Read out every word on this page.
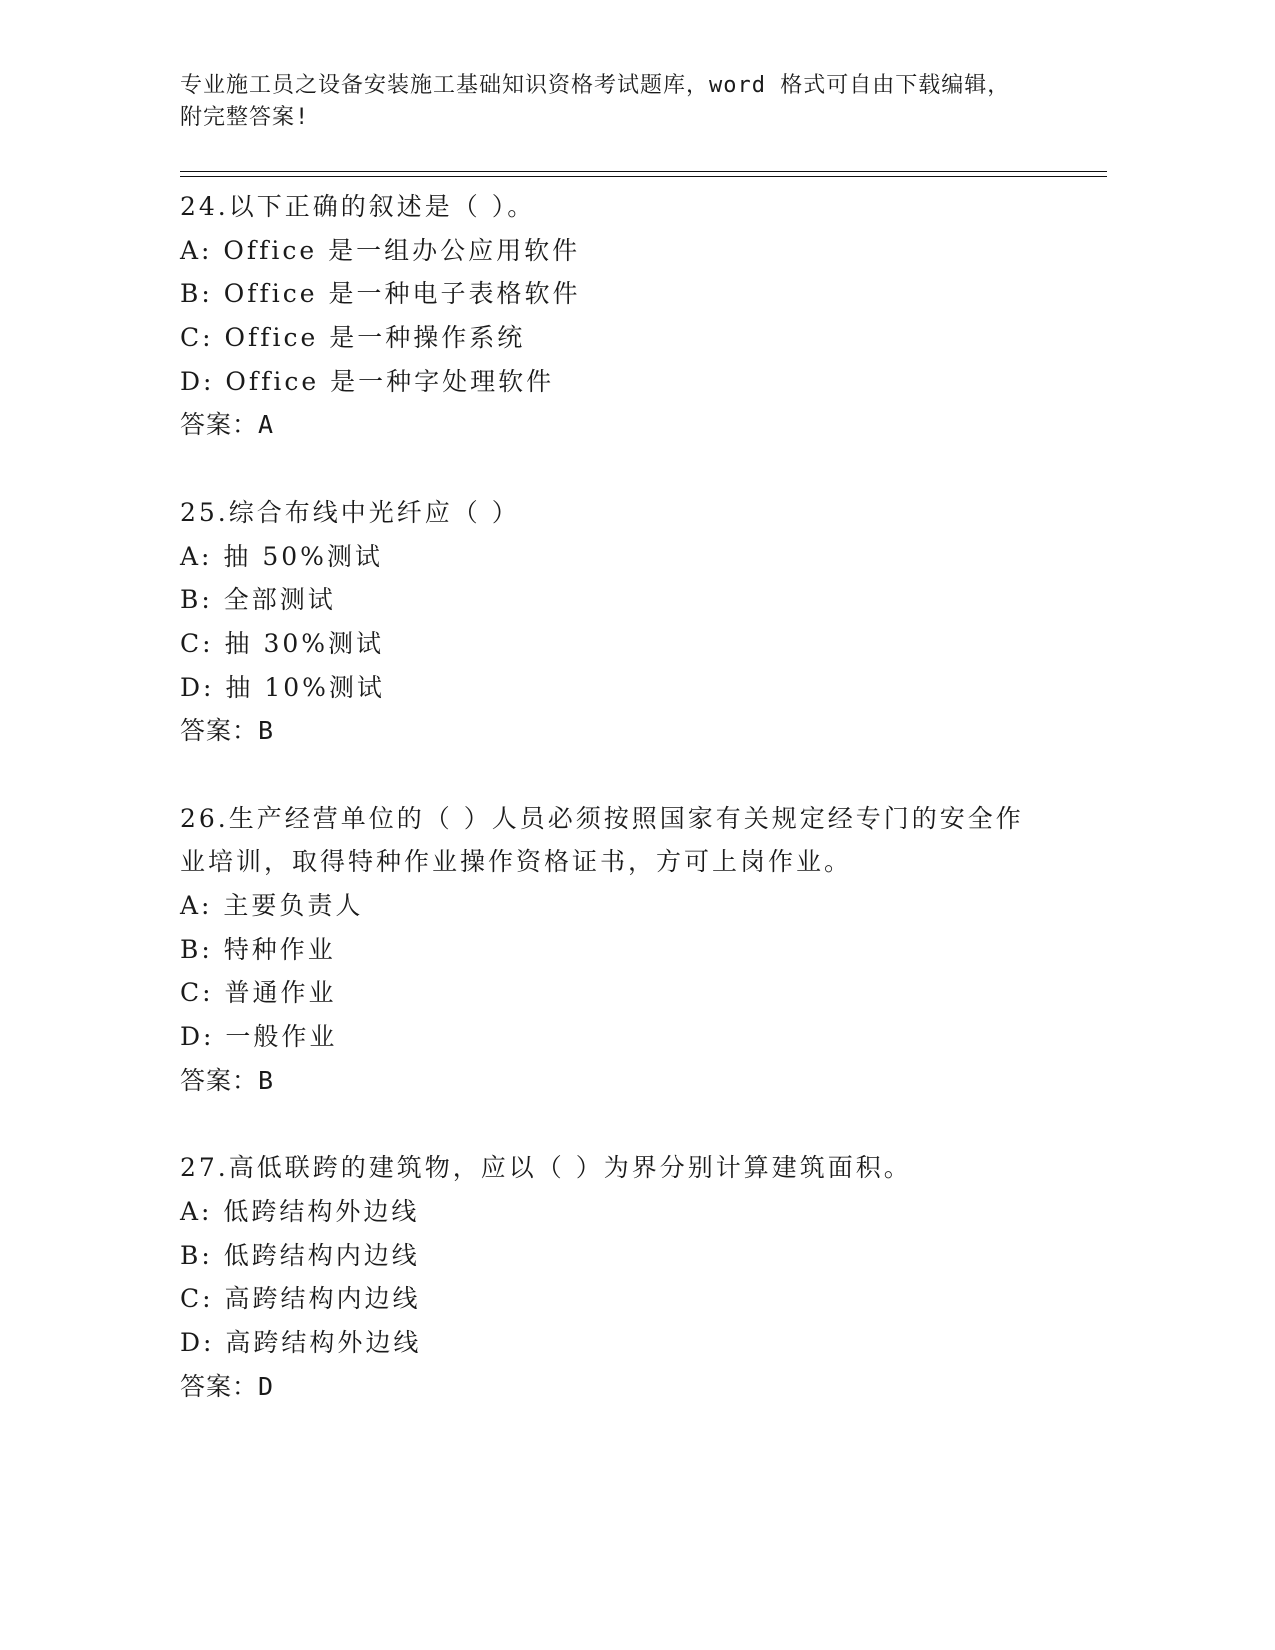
专业施工员之设备安装施工基础知识资格考试题库，word 格式可自由下载编辑，
附完整答案!
24.以下正确的叙述是（ ）。
A: Office 是一组办公应用软件
B: Office 是一种电子表格软件
C: Office 是一种操作系统
D: Office 是一种字处理软件
答案：A
25.综合布线中光纤应（ ）
A: 抽 50%测试
B: 全部测试
C: 抽 30%测试
D: 抽 10%测试
答案：B
26.生产经营单位的（ ）人员必须按照国家有关规定经专门的安全作
业培训，取得特种作业操作资格证书，方可上岗作业。
A: 主要负责人
B: 特种作业
C: 普通作业
D: 一般作业
答案：B
27.高低联跨的建筑物，应以（ ）为界分别计算建筑面积。
A: 低跨结构外边线
B: 低跨结构内边线
C: 高跨结构内边线
D: 高跨结构外边线
答案：D
